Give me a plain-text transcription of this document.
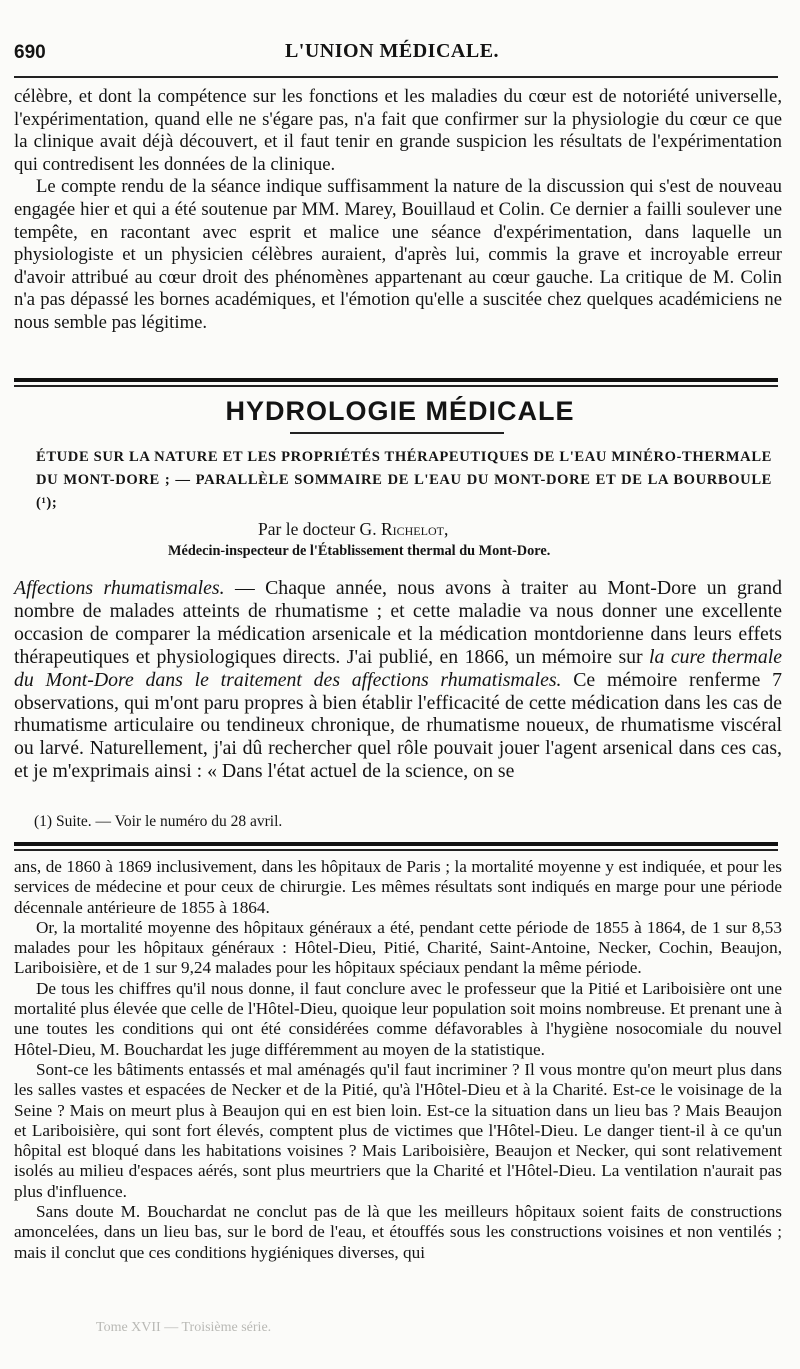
690	L'UNION MÉDICALE.

célèbre, et dont la compétence sur les fonctions et les maladies du cœur est de notoriété universelle, l'expérimentation, quand elle ne s'égare pas, n'a fait que confirmer sur la physiologie du cœur ce que la clinique avait déjà découvert, et il faut tenir en grande suspicion les résultats de l'expérimentation qui contredisent les données de la clinique.

Le compte rendu de la séance indique suffisamment la nature de la discussion qui s'est de nouveau engagée hier et qui a été soutenue par MM. Marey, Bouillaud et Colin. Ce dernier a failli soulever une tempête, en racontant avec esprit et malice une séance d'expérimentation, dans laquelle un physiologiste et un physicien célèbres auraient, d'après lui, commis la grave et incroyable erreur d'avoir attribué au cœur droit des phénomènes appartenant au cœur gauche. La critique de M. Colin n'a pas dépassé les bornes académiques, et l'émotion qu'elle a suscitée chez quelques académiciens ne nous semble pas légitime.

HYDROLOGIE MÉDICALE
ÉTUDE SUR LA NATURE ET LES PROPRIÉTÉS THÉRAPEUTIQUES DE L'EAU MINÉRO-THERMALE DU MONT-DORE ; — PARALLÈLE SOMMAIRE DE L'EAU DU MONT-DORE ET DE LA BOURBOULE (¹);
Par le docteur G. Richelot,
Médecin-inspecteur de l'Établissement thermal du Mont-Dore.

Affections rhumatismales. — Chaque année, nous avons à traiter au Mont-Dore un grand nombre de malades atteints de rhumatisme ; et cette maladie va nous donner une excellente occasion de comparer la médication arsenicale et la médication montdorienne dans leurs effets thérapeutiques et physiologiques directs. J'ai publié, en 1866, un mémoire sur la cure thermale du Mont-Dore dans le traitement des affections rhumatismales. Ce mémoire renferme 7 observations, qui m'ont paru propres à bien établir l'efficacité de cette médication dans les cas de rhumatisme articulaire ou tendineux chronique, de rhumatisme noueux, de rhumatisme viscéral ou larvé. Naturellement, j'ai dû rechercher quel rôle pouvait jouer l'agent arsenical dans ces cas, et je m'exprimais ainsi : « Dans l'état actuel de la science, on se

(1) Suite. — Voir le numéro du 28 avril.

ans, de 1860 à 1869 inclusivement, dans les hôpitaux de Paris ; la mortalité moyenne y est indiquée, et pour les services de médecine et pour ceux de chirurgie. Les mêmes résultats sont indiqués en marge pour une période décennale antérieure de 1855 à 1864.

Or, la mortalité moyenne des hôpitaux généraux a été, pendant cette période de 1855 à 1864, de 1 sur 8,53 malades pour les hôpitaux généraux : Hôtel-Dieu, Pitié, Charité, Saint-Antoine, Necker, Cochin, Beaujon, Lariboisière, et de 1 sur 9,24 malades pour les hôpitaux spéciaux pendant la même période.

De tous les chiffres qu'il nous donne, il faut conclure avec le professeur que la Pitié et Lariboisière ont une mortalité plus élevée que celle de l'Hôtel-Dieu, quoique leur population soit moins nombreuse. Et prenant une à une toutes les conditions qui ont été considérées comme défavorables à l'hygiène nosocomiale du nouvel Hôtel-Dieu, M. Bouchardat les juge différemment au moyen de la statistique.

Sont-ce les bâtiments entassés et mal aménagés qu'il faut incriminer ? Il vous montre qu'on meurt plus dans les salles vastes et espacées de Necker et de la Pitié, qu'à l'Hôtel-Dieu et à la Charité. Est-ce le voisinage de la Seine ? Mais on meurt plus à Beaujon qui en est bien loin. Est-ce la situation dans un lieu bas ? Mais Beaujon et Lariboisière, qui sont fort élevés, comptent plus de victimes que l'Hôtel-Dieu. Le danger tient-il à ce qu'un hôpital est bloqué dans les habitations voisines ? Mais Lariboisière, Beaujon et Necker, qui sont relativement isolés au milieu d'espaces aérés, sont plus meurtriers que la Charité et l'Hôtel-Dieu. La ventilation n'aurait pas plus d'influence.

Sans doute M. Bouchardat ne conclut pas de là que les meilleurs hôpitaux soient faits de constructions amoncelées, dans un lieu bas, sur le bord de l'eau, et étouffés sous les constructions voisines et non ventilés ; mais il conclut que ces conditions hygiéniques diverses, qui

Tome XVII — Troisième série.
